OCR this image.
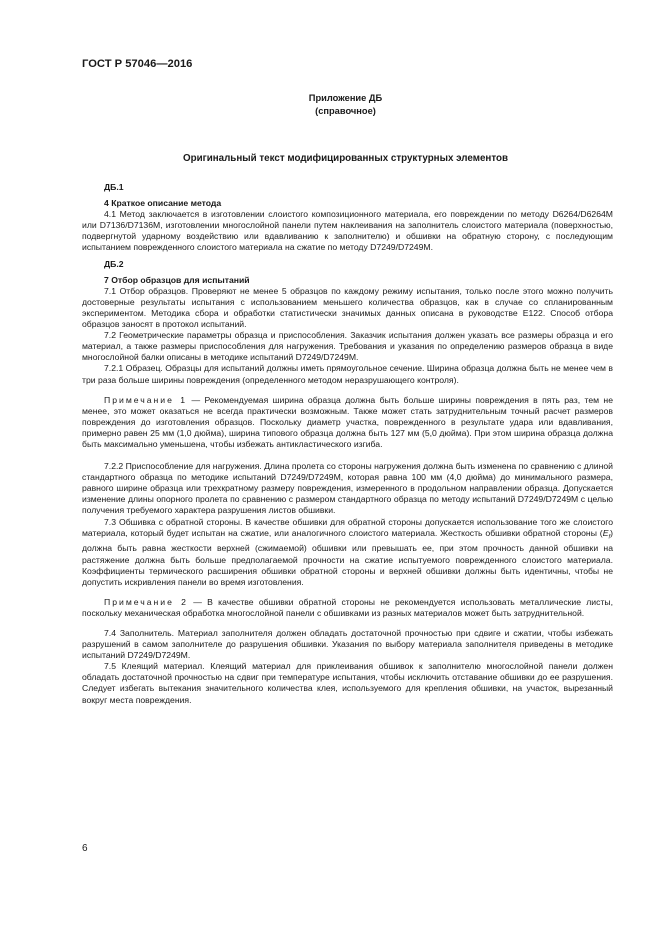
ГОСТ Р 57046—2016
Приложение ДБ
(справочное)
Оригинальный текст модифицированных структурных элементов

ДБ.1

4 Краткое описание метода

4.1 Метод заключается в изготовлении слоистого композиционного материала, его повреждении по методу D6264/D6264M или D7136/D7136M, изготовлении многослойной панели путем наклеивания на заполнитель слоистого материала (поверхностью, подвергнутой ударному воздействию или вдавливанию к заполнителю) и обшивки на обратную сторону, с последующим испытанием поврежденного слоистого материала на сжатие по методу D7249/D7249M.

ДБ.2

7 Отбор образцов для испытаний

7.1 Отбор образцов. Проверяют не менее 5 образцов по каждому режиму испытания, только после этого можно получить достоверные результаты испытания с использованием меньшего количества образцов, как в случае со спланированным экспериментом. Методика сбора и обработки статистически значимых данных описана в руководстве E122. Способ отбора образцов заносят в протокол испытаний.

7.2 Геометрические параметры образца и приспособления. Заказчик испытания должен указать все размеры образца и его материал, а также размеры приспособления для нагружения. Требования и указания по определению размеров образца в виде многослойной балки описаны в методике испытаний D7249/D7249M.

7.2.1 Образец. Образцы для испытаний должны иметь прямоугольное сечение. Ширина образца должна быть не менее чем в три раза больше ширины повреждения (определенного методом неразрушающего контроля).

Примечание 1 — Рекомендуемая ширина образца должна быть больше ширины повреждения в пять раз, тем не менее, это может оказаться не всегда практически возможным. Также может стать затруднительным точный расчет размеров повреждения до изготовления образцов. Поскольку диаметр участка, поврежденного в результате удара или вдавливания, примерно равен 25 мм (1,0 дюйма), ширина типового образца должна быть 127 мм (5,0 дюйма). При этом ширина образца должна быть максимально уменьшена, чтобы избежать антикластического изгиба.

7.2.2 Приспособление для нагружения. Длина пролета со стороны нагружения должна быть изменена по сравнению с длиной стандартного образца по методике испытаний D7249/D7249M, которая равна 100 мм (4,0 дюйма) до минимального размера, равного ширине образца или трехкратному размеру повреждения, измеренного в продольном направлении образца. Допускается изменение длины опорного пролета по сравнению с размером стандартного образца по методу испытаний D7249/D7249M с целью получения требуемого характера разрушения листов обшивки.

7.3 Обшивка с обратной стороны. В качестве обшивки для обратной стороны допускается использование того же слоистого материала, который будет испытан на сжатие, или аналогичного слоистого материала. Жесткость обшивки обратной стороны $(E_f)$ должна быть равна жесткости верхней (сжимаемой) обшивки или превышать ее, при этом прочность данной обшивки на растяжение должна быть больше предполагаемой прочности на сжатие испытуемого поврежденного слоистого материала. Коэффициенты термического расширения обшивки обратной стороны и верхней обшивки должны быть идентичны, чтобы не допустить искривления панели во время изготовления.

Примечание 2 — В качестве обшивки обратной стороны не рекомендуется использовать металлические листы, поскольку механическая обработка многослойной панели с обшивками из разных материалов может быть затруднительной.

7.4 Заполнитель. Материал заполнителя должен обладать достаточной прочностью при сдвиге и сжатии, чтобы избежать разрушений в самом заполнителе до разрушения обшивки. Указания по выбору материала заполнителя приведены в методике испытаний D7249/D7249M.

7.5 Клеящий материал. Клеящий материал для приклеивания обшивок к заполнителю многослойной панели должен обладать достаточной прочностью на сдвиг при температуре испытания, чтобы исключить отставание обшивки до ее разрушения. Следует избегать вытекания значительного количества клея, используемого для крепления обшивки, на участок, вырезанный вокруг места повреждения.

6
